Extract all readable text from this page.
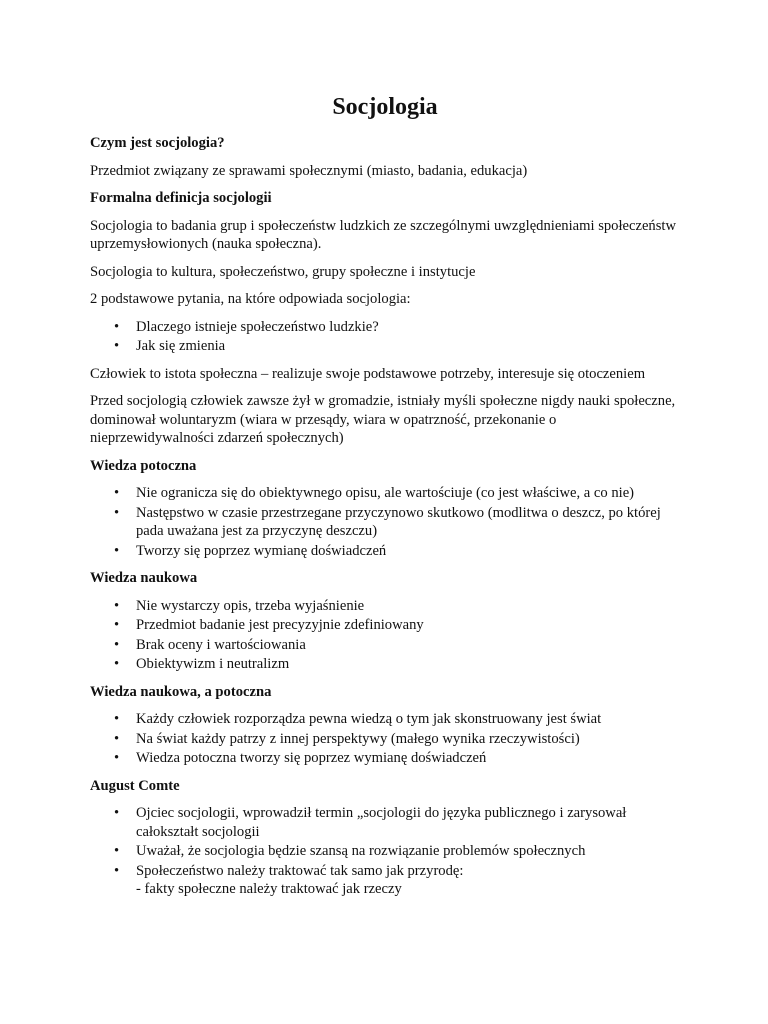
Socjologia
Czym jest socjologia?

Przedmiot związany ze sprawami społecznymi (miasto, badania, edukacja)

Formalna definicja socjologii

Socjologia to badania grup i społeczeństw ludzkich ze szczególnymi uwzględnieniami społeczeństw uprzemysłowionych (nauka społeczna).

Socjologia to kultura, społeczeństwo, grupy społeczne i instytucje

2 podstawowe pytania, na które odpowiada socjologia:

• Dlaczego istnieje społeczeństwo ludzkie?
• Jak się zmienia

Człowiek to istota społeczna – realizuje swoje podstawowe potrzeby, interesuje się otoczeniem

Przed socjologią człowiek zawsze żył w gromadzie, istniały myśli społeczne nigdy nauki społeczne, dominował woluntaryzm (wiara w przesądy, wiara w opatrzność, przekonanie o nieprzewidywalności zdarzeń społecznych)

Wiedza potoczna
• Nie ogranicza się do obiektywnego opisu, ale wartościuje (co jest właściwe, a co nie)
• Następstwo w czasie przestrzegane przyczynowo skutkowo (modlitwa o deszcz, po której pada uważana jest za przyczynę deszczu)
• Tworzy się poprzez wymianę doświadczeń
Wiedza naukowa
• Nie wystarczy opis, trzeba wyjaśnienie
• Przedmiot badanie jest precyzyjnie zdefiniowany
• Brak oceny i wartościowania
• Obiektywizm i neutralizm
Wiedza naukowa, a potoczna
• Każdy człowiek rozporządza pewna wiedzą o tym jak skonstruowany jest świat
• Na świat każdy patrzy z innej perspektywy (małego wynika rzeczywistości)
• Wiedza potoczna tworzy się poprzez wymianę doświadczeń
August Comte
• Ojciec socjologii, wprowadził termin „socjologii do języka publicznego i zarysował całokształt socjologii
• Uważał, że socjologia będzie szansą na rozwiązanie problemów społecznych
• Społeczeństwo należy traktować tak samo jak przyrodę:
- fakty społeczne należy traktować jak rzeczy
